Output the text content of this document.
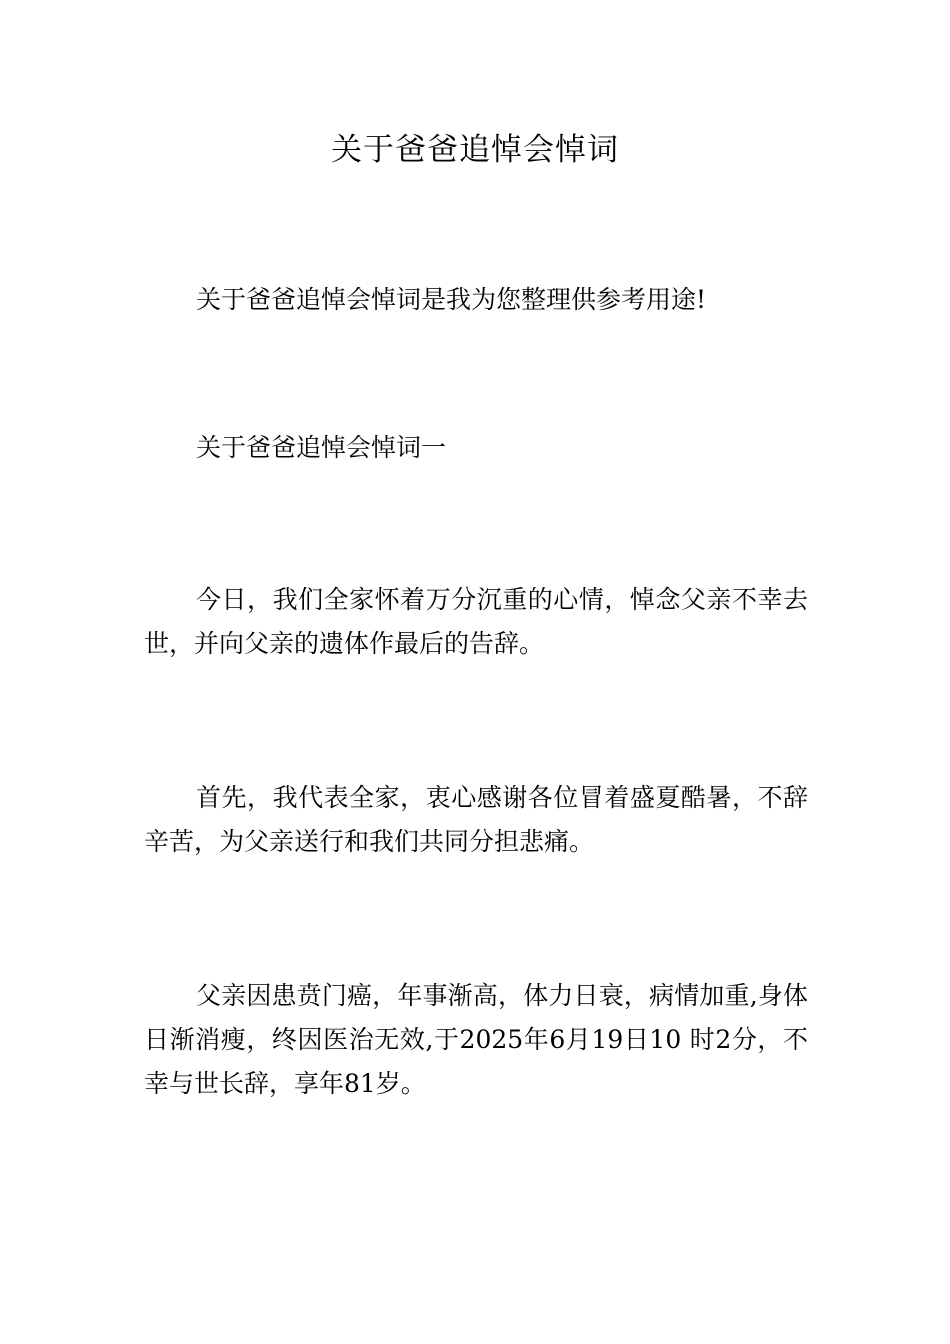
关于爸爸追悼会悼词

关于爸爸追悼会悼词是我为您整理供参考用途!

关于爸爸追悼会悼词一

今日，我们全家怀着万分沉重的心情，悼念父亲不幸去世，并向父亲的遗体作最后的告辞。

首先，我代表全家，衷心感谢各位冒着盛夏酷暑，不辞辛苦，为父亲送行和我们共同分担悲痛。

父亲因患贲门癌，年事渐高，体力日衰，病情加重,身体日渐消瘦，终因医治无效,于2025年6月19日10 时2分，不幸与世长辞，享年81岁。
